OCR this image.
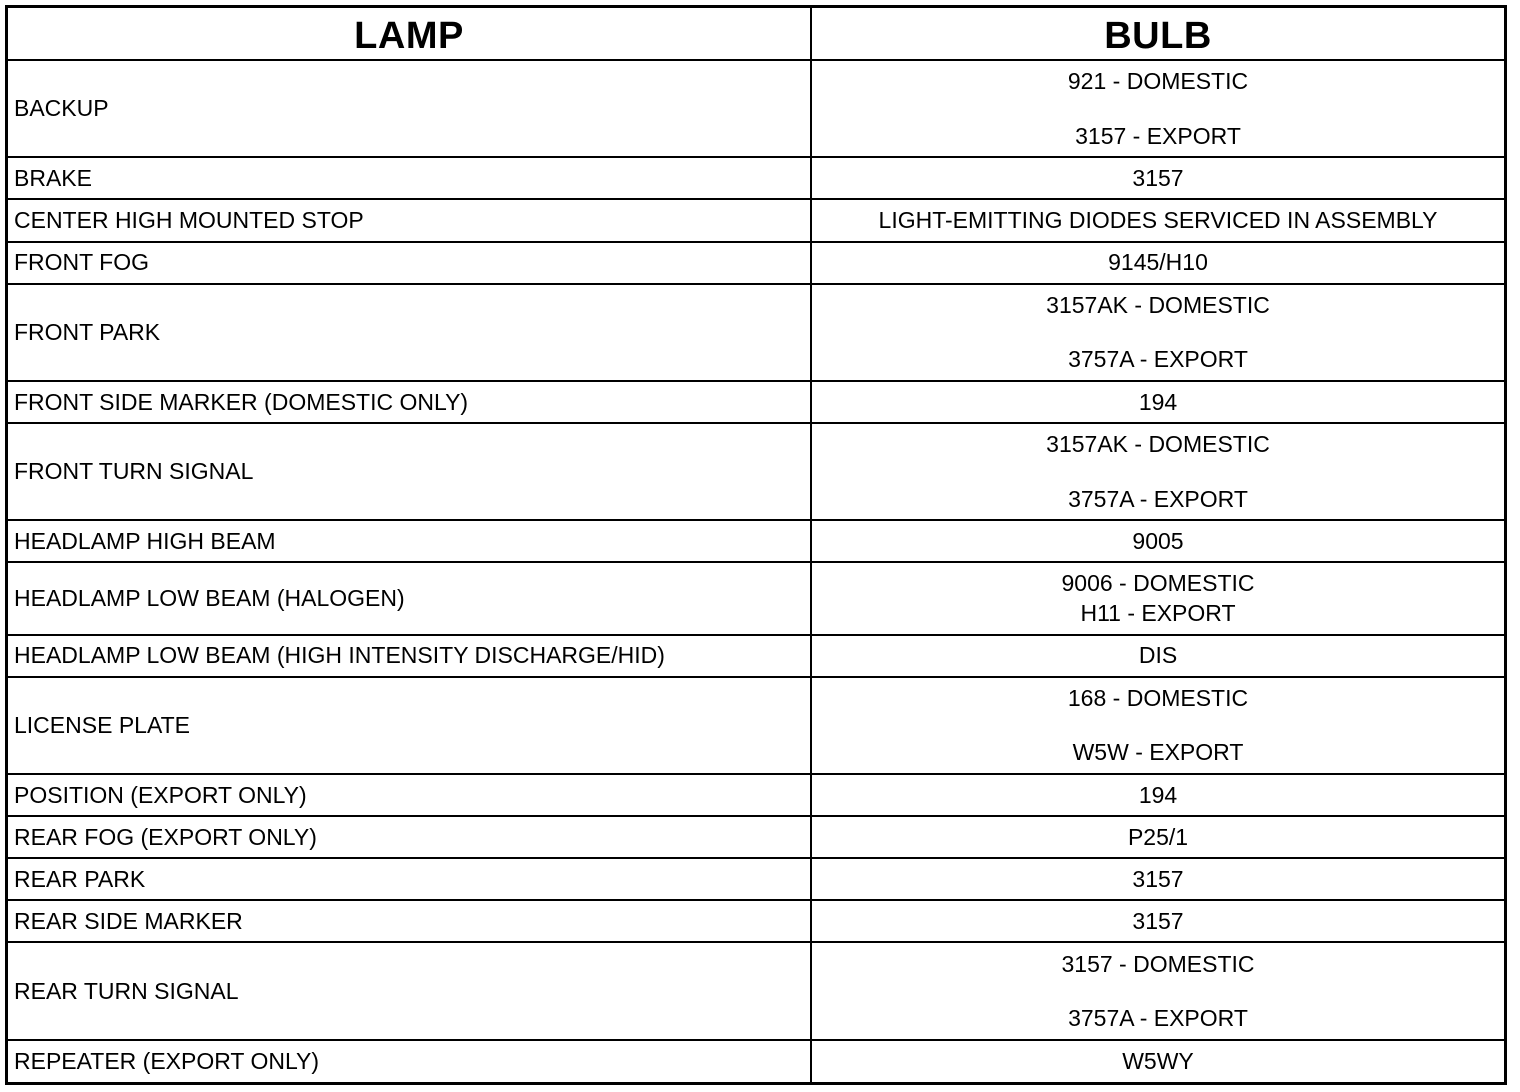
LAMP	BULB
BACKUP	921 - DOMESTIC
3157 - EXPORT

BRAKE	3157

CENTER HIGH MOUNTED STOP	LIGHT-EMITTING DIODES SERVICED IN ASSEMBLY

FRONT FOG	9145/H10

FRONT PARK	3157AK - DOMESTIC
3757A - EXPORT

FRONT SIDE MARKER (DOMESTIC ONLY)	194

FRONT TURN SIGNAL	3157AK - DOMESTIC
3757A - EXPORT

HEADLAMP HIGH BEAM	9005

HEADLAMP LOW BEAM (HALOGEN)	9006 - DOMESTIC
H11 - EXPORT

HEADLAMP LOW BEAM (HIGH INTENSITY DISCHARGE/HID)	DIS

LICENSE PLATE	168 - DOMESTIC
W5W - EXPORT

POSITION (EXPORT ONLY)	194

REAR FOG (EXPORT ONLY)	P25/1

REAR PARK	3157

REAR SIDE MARKER	3157

REAR TURN SIGNAL	3157 - DOMESTIC
3757A - EXPORT

REPEATER (EXPORT ONLY)	W5WY
